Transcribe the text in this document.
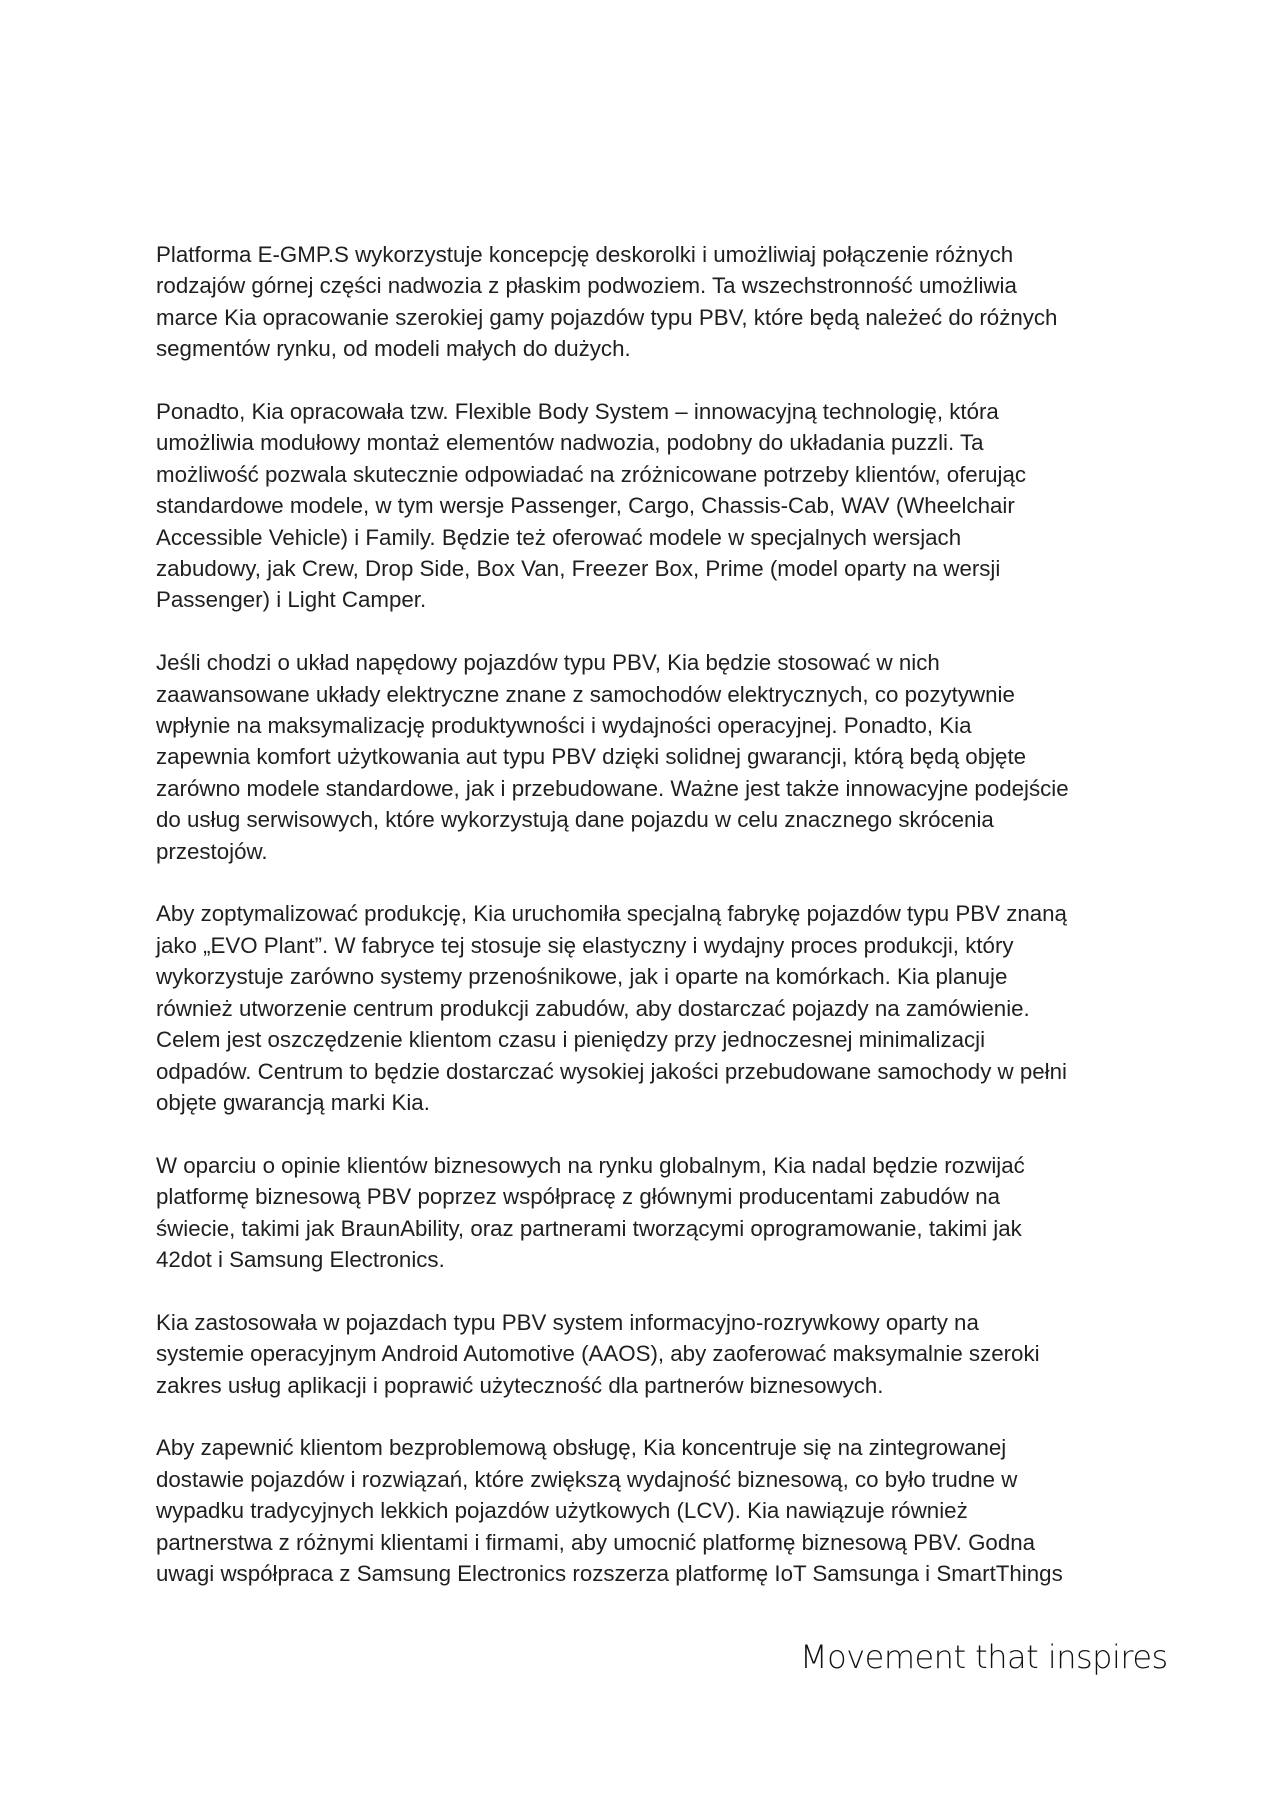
Platforma E-GMP.S wykorzystuje koncepcję deskorolki i umożliwiaj połączenie różnych
rodzajów górnej części nadwozia z płaskim podwoziem. Ta wszechstronność umożliwia
marce Kia opracowanie szerokiej gamy pojazdów typu PBV, które będą należeć do różnych
segmentów rynku, od modeli małych do dużych.

Ponadto, Kia opracowała tzw. Flexible Body System – innowacyjną technologię, która
umożliwia modułowy montaż elementów nadwozia, podobny do układania puzzli. Ta
możliwość pozwala skutecznie odpowiadać na zróżnicowane potrzeby klientów, oferując
standardowe modele, w tym wersje Passenger, Cargo, Chassis-Cab, WAV (Wheelchair
Accessible Vehicle) i Family. Będzie też oferować modele w specjalnych wersjach
zabudowy, jak Crew, Drop Side, Box Van, Freezer Box, Prime (model oparty na wersji
Passenger) i Light Camper.

Jeśli chodzi o układ napędowy pojazdów typu PBV, Kia będzie stosować w nich
zaawansowane układy elektryczne znane z samochodów elektrycznych, co pozytywnie
wpłynie na maksymalizację produktywności i wydajności operacyjnej. Ponadto, Kia
zapewnia komfort użytkowania aut typu PBV dzięki solidnej gwarancji, którą będą objęte
zarówno modele standardowe, jak i przebudowane. Ważne jest także innowacyjne podejście
do usług serwisowych, które wykorzystują dane pojazdu w celu znacznego skrócenia
przestojów.

Aby zoptymalizować produkcję, Kia uruchomiła specjalną fabrykę pojazdów typu PBV znaną
jako „EVO Plant”. W fabryce tej stosuje się elastyczny i wydajny proces produkcji, który
wykorzystuje zarówno systemy przenośnikowe, jak i oparte na komórkach. Kia planuje
również utworzenie centrum produkcji zabudów, aby dostarczać pojazdy na zamówienie.
Celem jest oszczędzenie klientom czasu i pieniędzy przy jednoczesnej minimalizacji
odpadów. Centrum to będzie dostarczać wysokiej jakości przebudowane samochody w pełni
objęte gwarancją marki Kia.

W oparciu o opinie klientów biznesowych na rynku globalnym, Kia nadal będzie rozwijać
platformę biznesową PBV poprzez współpracę z głównymi producentami zabudów na
świecie, takimi jak BraunAbility, oraz partnerami tworzącymi oprogramowanie, takimi jak
42dot i Samsung Electronics.

Kia zastosowała w pojazdach typu PBV system informacyjno-rozrywkowy oparty na
systemie operacyjnym Android Automotive (AAOS), aby zaoferować maksymalnie szeroki
zakres usług aplikacji i poprawić użyteczność dla partnerów biznesowych.

Aby zapewnić klientom bezproblemową obsługę, Kia koncentruje się na zintegrowanej
dostawie pojazdów i rozwiązań, które zwiększą wydajność biznesową, co było trudne w
wypadku tradycyjnych lekkich pojazdów użytkowych (LCV). Kia nawiązuje również
partnerstwa z różnymi klientami i firmami, aby umocnić platformę biznesową PBV. Godna
uwagi współpraca z Samsung Electronics rozszerza platformę IoT Samsunga i SmartThings

Movement that inspires
